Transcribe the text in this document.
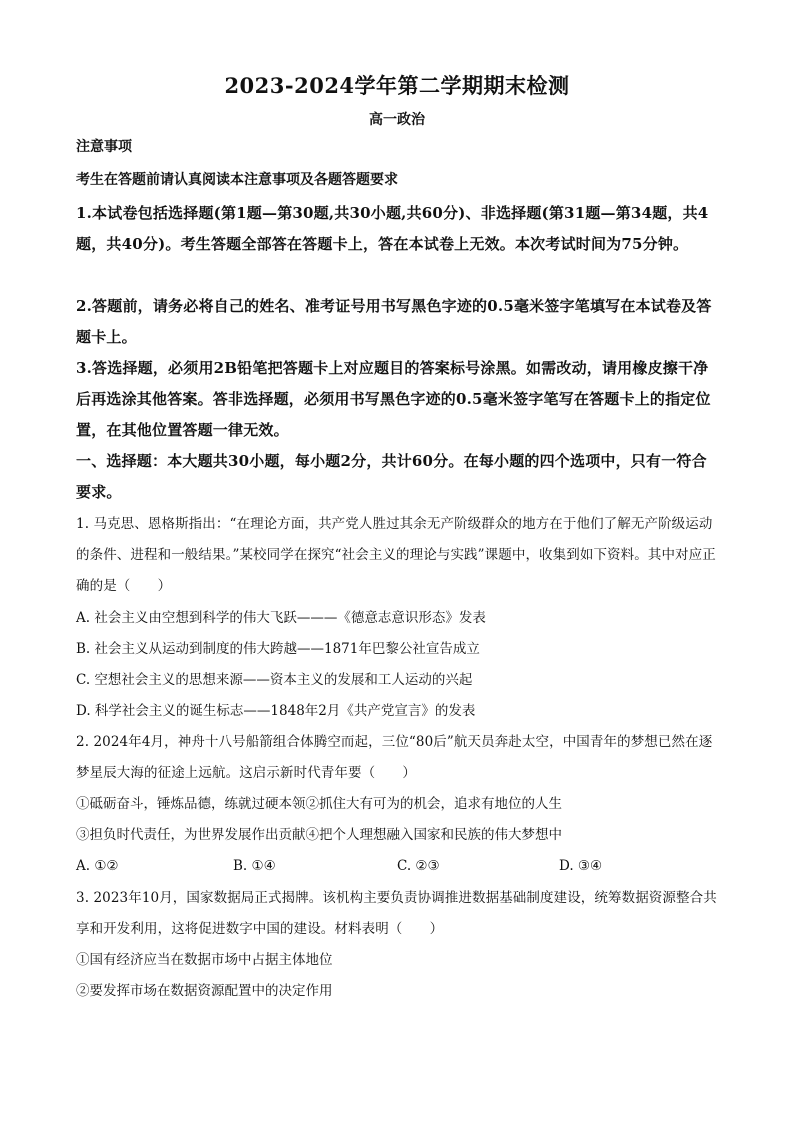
2023-2024学年第二学期期末检测
高一政治
注意事项
考生在答题前请认真阅读本注意事项及各题答题要求
1.本试卷包括选择题(第1题—第30题,共30小题,共60分)、非选择题(第31题—第34题，共4题，共40分)。考生答题全部答在答题卡上，答在本试卷上无效。本次考试时间为75分钟。
2.答题前，请务必将自己的姓名、准考证号用书写黑色字迹的0.5毫米签字笔填写在本试卷及答题卡上。
3.答选择题，必须用2B铅笔把答题卡上对应题目的答案标号涂黑。如需改动，请用橡皮擦干净后再选涂其他答案。答非选择题，必须用书写黑色字迹的0.5毫米签字笔写在答题卡上的指定位置，在其他位置答题一律无效。
一、选择题：本大题共30小题，每小题2分，共计60分。在每小题的四个选项中，只有一符合要求。
1. 马克思、恩格斯指出：“在理论方面，共产党人胜过其余无产阶级群众的地方在于他们了解无产阶级运动的条件、进程和一般结果。”某校同学在探究“社会主义的理论与实践”课题中，收集到如下资料。其中对应正确的是（　　）
A. 社会主义由空想到科学的伟大飞跃———《德意志意识形态》发表
B. 社会主义从运动到制度的伟大跨越——1871年巴黎公社宣告成立
C. 空想社会主义的思想来源——资本主义的发展和工人运动的兴起
D. 科学社会主义的诞生标志——1848年2月《共产党宣言》的发表
2. 2024年4月，神舟十八号船箭组合体腾空而起，三位“80后”航天员奔赴太空，中国青年的梦想已然在逐梦星辰大海的征途上远航。这启示新时代青年要（　　）
①砥砺奋斗，锤炼品德，练就过硬本领②抓住大有可为的机会，追求有地位的人生
③担负时代责任，为世界发展作出贡献④把个人理想融入国家和民族的伟大梦想中
A. ①②	B. ①④	C. ②③	D. ③④
3. 2023年10月，国家数据局正式揭牌。该机构主要负责协调推进数据基础制度建设，统筹数据资源整合共享和开发利用，这将促进数字中国的建设。材料表明（　　）
①国有经济应当在数据市场中占据主体地位
②要发挥市场在数据资源配置中的决定作用
